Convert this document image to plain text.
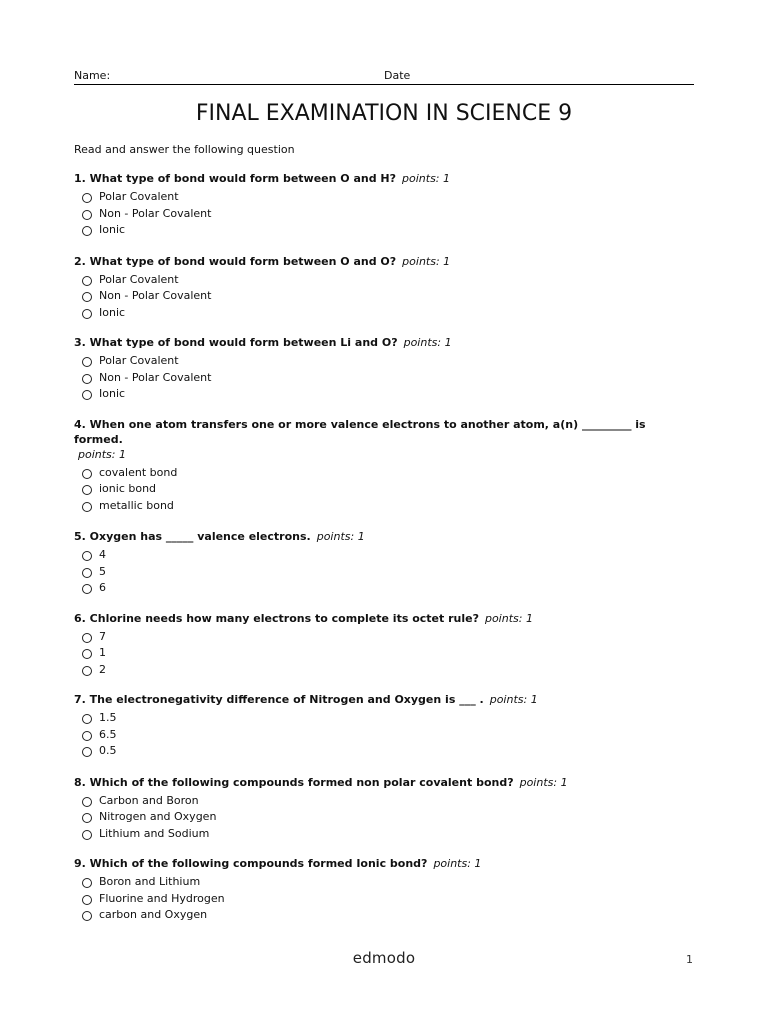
Name:	Date
FINAL EXAMINATION IN SCIENCE 9
Read and answer the following question
1. What type of bond would form between O and H? points: 1
Polar Covalent
Non - Polar Covalent
Ionic
2. What type of bond would form between O and O? points: 1
Polar Covalent
Non - Polar Covalent
Ionic
3. What type of bond would form between Li and O? points: 1
Polar Covalent
Non - Polar Covalent
Ionic
4. When one atom transfers one or more valence electrons to another atom, a(n) _________ is formed.
points: 1
covalent bond
ionic bond
metallic bond
5. Oxygen has _____ valence electrons. points: 1
4
5
6
6. Chlorine needs how many electrons to complete its octet rule? points: 1
7
1
2
7. The electronegativity difference of Nitrogen and Oxygen is ___ . points: 1
1.5
6.5
0.5
8. Which of the following compounds formed non polar covalent bond? points: 1
Carbon and Boron
Nitrogen and Oxygen
Lithium and Sodium
9. Which of the following compounds formed Ionic bond? points: 1
Boron and Lithium
Fluorine and Hydrogen
carbon and Oxygen
edmodo	1
